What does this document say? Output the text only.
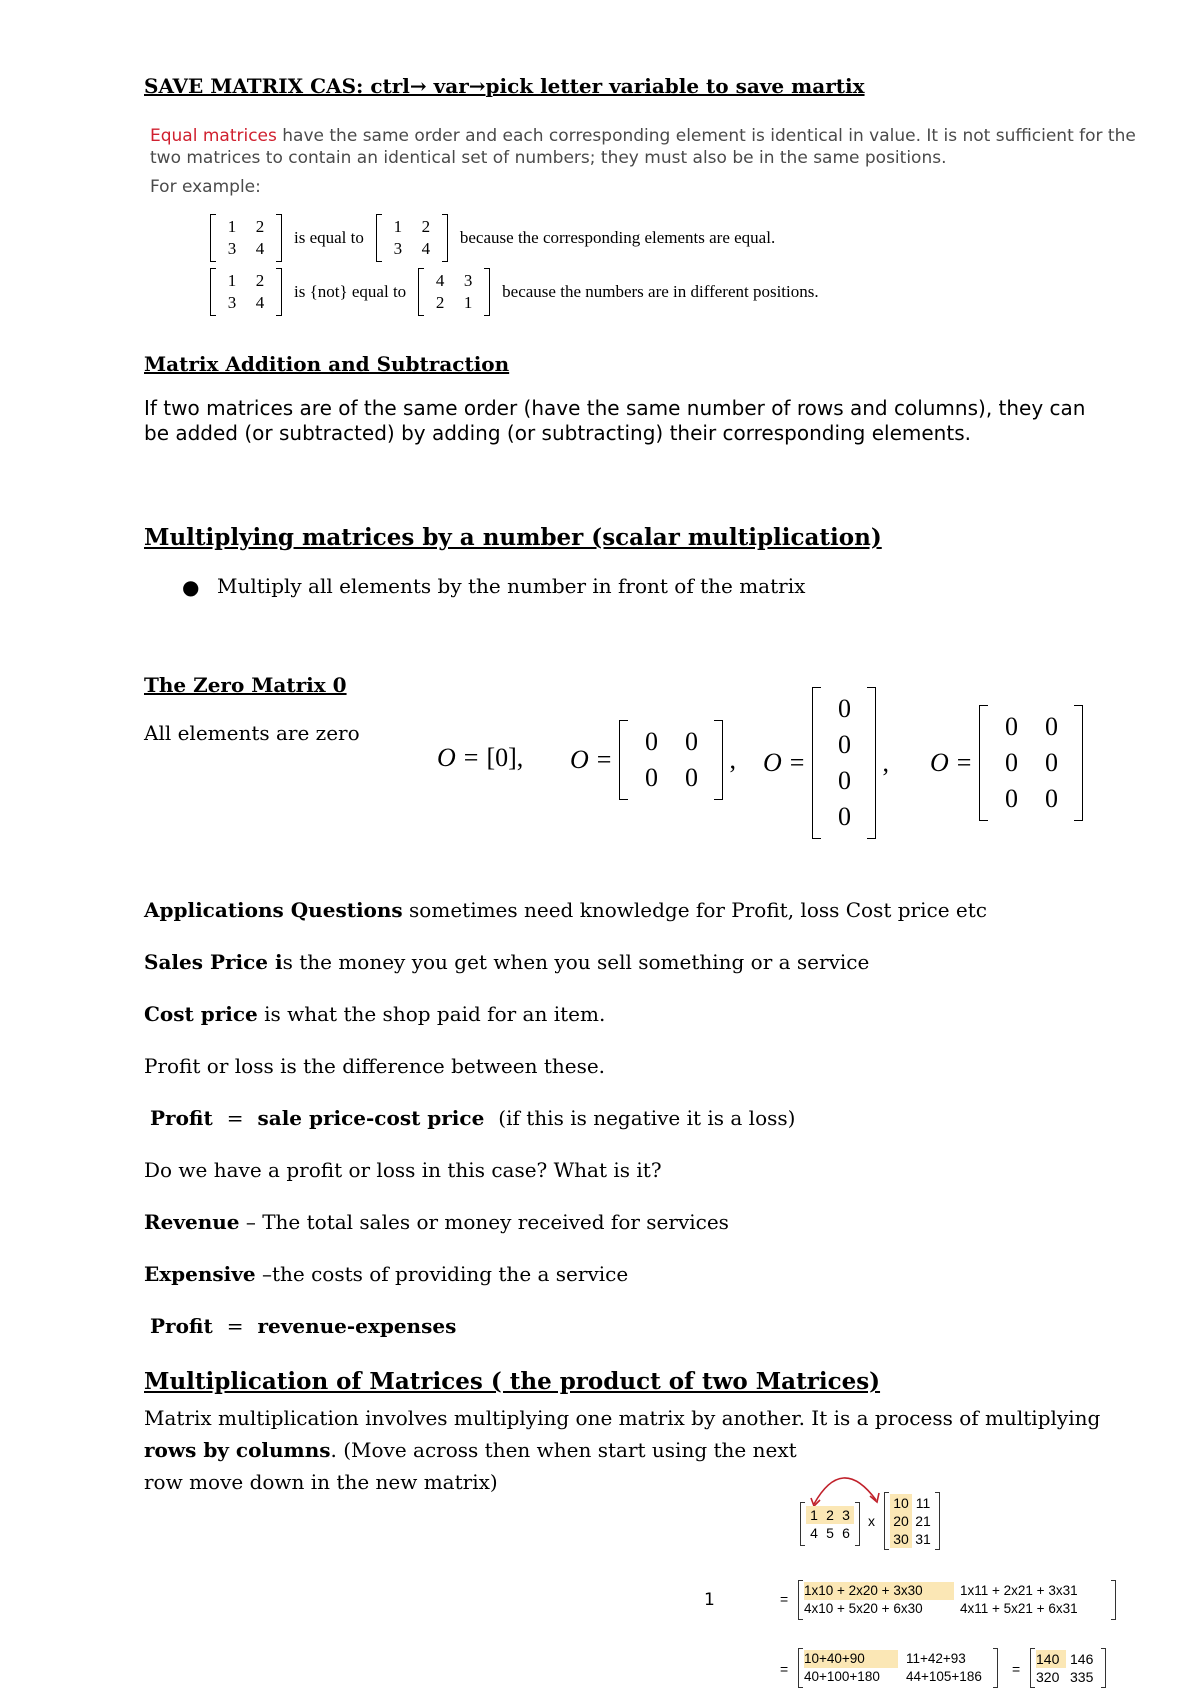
SAVE MATRIX CAS: ctrl→ var→pick letter variable to save martix
Equal matrices have the same order and each corresponding element is identical in value. It is not sufficient for the two matrices to contain an identical set of numbers; they must also be in the same positions.
For example:
1	2
3	4
is equal to
1	2
3	4
because the corresponding elements are equal.
1	2
3	4
is {not} equal to
4	3
2	1
because the numbers are in different positions.
Matrix Addition and Subtraction
If two matrices are of the same order (have the same number of rows and columns), they can be added (or subtracted) by adding (or subtracting) their corresponding elements.
Multiplying matrices by a number (scalar multiplication)
● Multiply all elements by the number in front of the matrix
The Zero Matrix 0
All elements are zero
O = [0] , O =
0	0
0	0
, O =
0
0
0
0
, O =
0	0
0	0
0	0
Applications Questions sometimes need knowledge for Profit, loss Cost price etc
Sales Price is the money you get when you sell something or a service
Cost price is what the shop paid for an item.
Profit or loss is the difference between these.
Profit = sale price-cost price (if this is negative it is a loss)
Do we have a profit or loss in this case? What is it?
Revenue – The total sales or money received for services
Expensive –the costs of providing the a service
Profit = revenue-expenses
Multiplication of Matrices ( the product of two Matrices)
Matrix multiplication involves multiplying one matrix by another. It is a process of multiplying rows by columns. (Move across then when start using the next
row move down in the new matrix)
1 2 3
4 5 6
x
10 11
20 21
30 31
=
1x10 + 2x20 + 3x30	1x11 + 2x21 + 3x31
4x10 + 5x20 + 6x30	4x11 + 5x21 + 6x31
=
10+40+90	11+42+93
40+100+180	44+105+186	=
140 146
320 335
1
